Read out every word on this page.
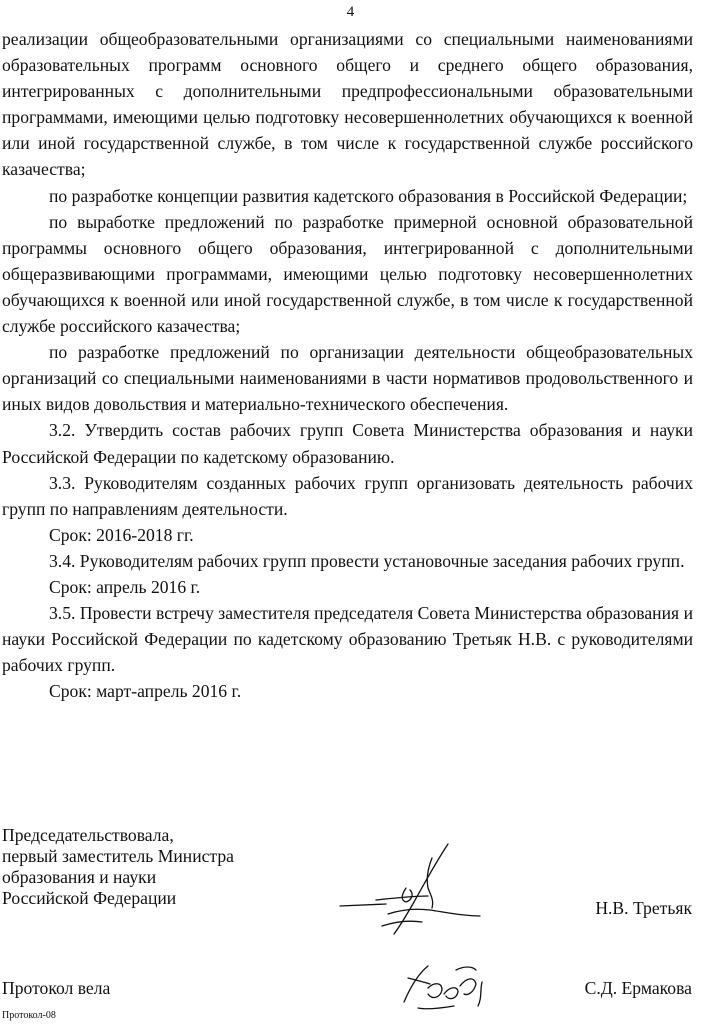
4

реализации общеобразовательными организациями со специальными наименованиями образовательных программ основного общего и среднего общего образования, интегрированных с дополнительными предпрофессиональными образовательными программами, имеющими целью подготовку несовершеннолетних обучающихся к военной или иной государственной службе, в том числе к государственной службе российского казачества;

по разработке концепции развития кадетского образования в Российской Федерации;

по выработке предложений по разработке примерной основной образовательной программы основного общего образования, интегрированной с дополнительными общеразвивающими программами, имеющими целью подготовку несовершеннолетних обучающихся к военной или иной государственной службе, в том числе к государственной службе российского казачества;

по разработке предложений по организации деятельности общеобразовательных организаций со специальными наименованиями в части нормативов продовольственного и иных видов довольствия и материально-технического обеспечения.

3.2. Утвердить состав рабочих групп Совета Министерства образования и науки Российской Федерации по кадетскому образованию.

3.3. Руководителям созданных рабочих групп организовать деятельность рабочих групп по направлениям деятельности.

Срок: 2016-2018 гг.

3.4. Руководителям рабочих групп провести установочные заседания рабочих групп.

Срок: апрель 2016 г.

3.5. Провести встречу заместителя председателя Совета Министерства образования и науки Российской Федерации по кадетскому образованию Третьяк Н.В. с руководителями рабочих групп.

Срок: март-апрель 2016 г.

Председательствовала,
первый заместитель Министра
образования и науки
Российской Федерации	Н.В. Третьяк
Протокол вела	С.Д. Ермакова
Протокол-08
